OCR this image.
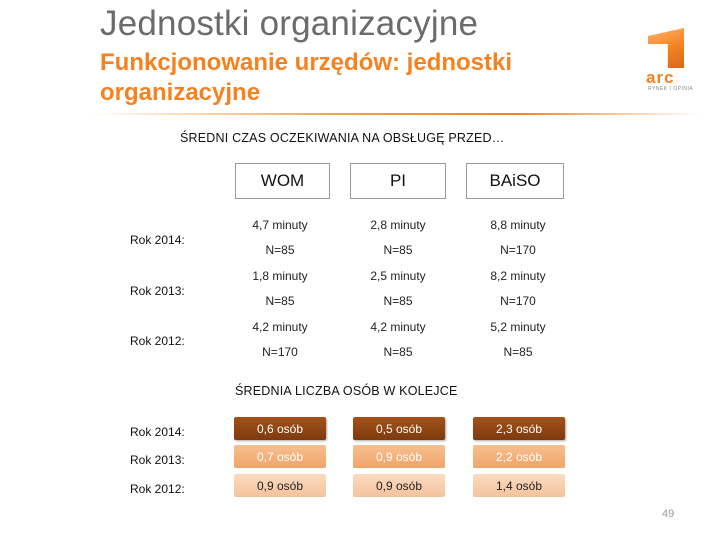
Jednostki organizacyjne
Funkcjonowanie urzędów: jednostki organizacyjne
arc
RYNEK I OPINIA
ŚREDNI CZAS OCZEKIWANIA NA OBSŁUGĘ PRZED…
WOM	PI	BAiSO
Rok 2014:
4,7 minuty	2,8 minuty	8,8 minuty
N=85	N=85	N=170
Rok 2013:
1,8 minuty	2,5 minuty	8,2 minuty
N=85	N=85	N=170
Rok 2012:
4,2 minuty	4,2 minuty	5,2 minuty
N=170	N=85	N=85
ŚREDNIA LICZBA OSÓB W KOLEJCE
Rok 2014:	0,6 osób	0,5 osób	2,3 osób
Rok 2013:	0,7 osób	0,9 osób	2,2 osób
Rok 2012:	0,9 osób	0,9 osób	1,4 osób
49
